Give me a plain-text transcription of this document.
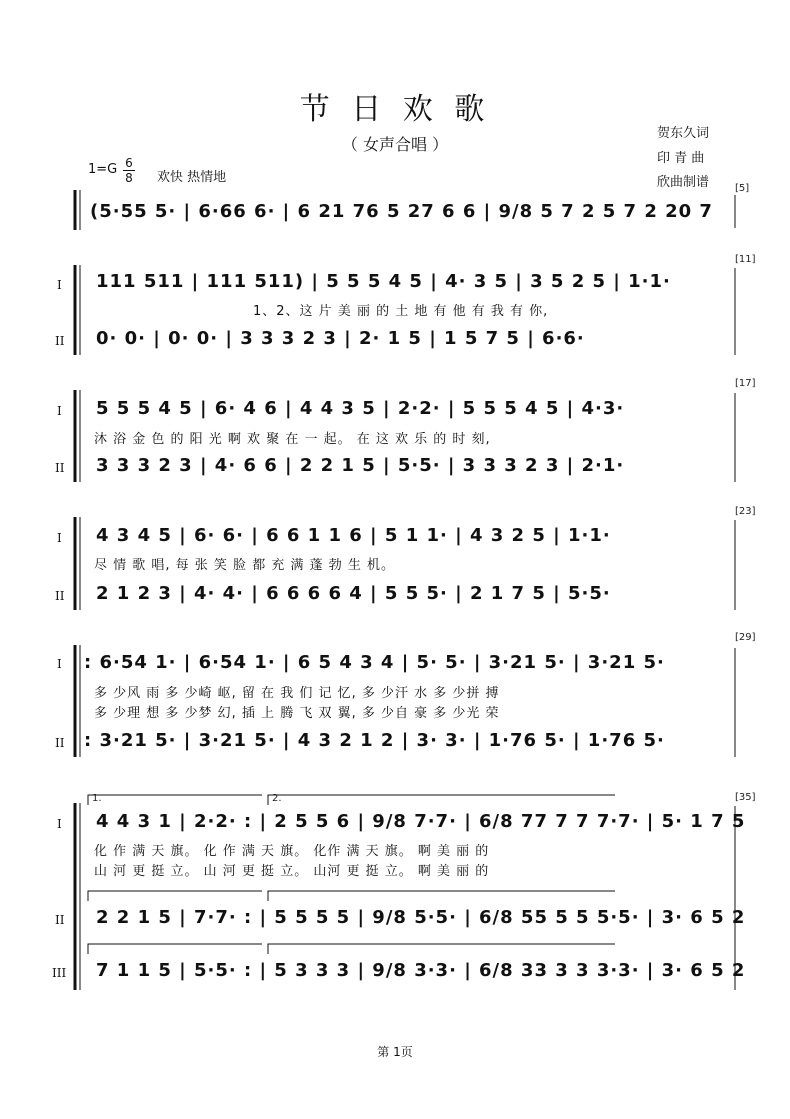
节 日 欢 歌
（ 女声合唱 ）
贺东久词
印 青 曲
欣曲制谱
1=G 6
8 欢快 热情地
[5]
(5·55 5· | 6·66 6· | 6 21 76 5 27 6 6 | 9/8 5 7 2 5 7 2 20 7
[11]
I 111 511 | 111 511) | 5 5 5 4 5 | 4· 3 5 | 3 5 2 5 | 1·1·
1、2、这 片 美 丽 的 土 地 有 他 有 我 有 你,
II 0· 0· | 0· 0· | 3 3 3 2 3 | 2· 1 5 | 1 5 7 5 | 6·6·
[17]
I 5 5 5 4 5 | 6· 4 6 | 4 4 3 5 | 2·2· | 5 5 5 4 5 | 4·3·
沐 浴 金 色 的 阳 光 啊 欢 聚 在 一 起。 在 这 欢 乐 的 时 刻,
II 3 3 3 2 3 | 4· 6 6 | 2 2 1 5 | 5·5· | 3 3 3 2 3 | 2·1·
[23]
I 4 3 4 5 | 6· 6· | 6 6 1 1 6 | 5 1 1· | 4 3 2 5 | 1·1·
尽 情 歌 唱, 每 张 笑 脸 都 充 满 蓬 勃 生 机。
II 2 1 2 3 | 4· 4· | 6 6 6 6 4 | 5 5 5· | 2 1 7 5 | 5·5·
[29]
I : 6·54 1· | 6·54 1· | 6 5 4 3 4 | 5· 5· | 3·21 5· | 3·21 5·
多 少风 雨 多 少崎 岖, 留 在 我 们 记 忆, 多 少汗 水 多 少拼 搏
多 少理 想 多 少梦 幻, 插 上 腾 飞 双 翼, 多 少自 豪 多 少光 荣
II : 3·21 5· | 3·21 5· | 4 3 2 1 2 | 3· 3· | 1·76 5· | 1·76 5·
[35]
1.	2.
I 4 4 3 1 | 2·2· : | 2 5 5 6 | 9/8 7·7· | 6/8 77 7 7 7·7· | 5· 1 7 5
化 作 满 天 旗。 化 作 满 天 旗。 化作 满 天 旗。 啊 美 丽 的
山 河 更 挺 立。 山 河 更 挺 立。 山河 更 挺 立。 啊 美 丽 的
II 2 2 1 5 | 7·7· : | 5 5 5 5 | 9/8 5·5· | 6/8 55 5 5 5·5· | 3· 6 5 2
III 7 1 1 5 | 5·5· : | 5 3 3 3 | 9/8 3·3· | 6/8 33 3 3 3·3· | 3· 6 5 2
第 1页
